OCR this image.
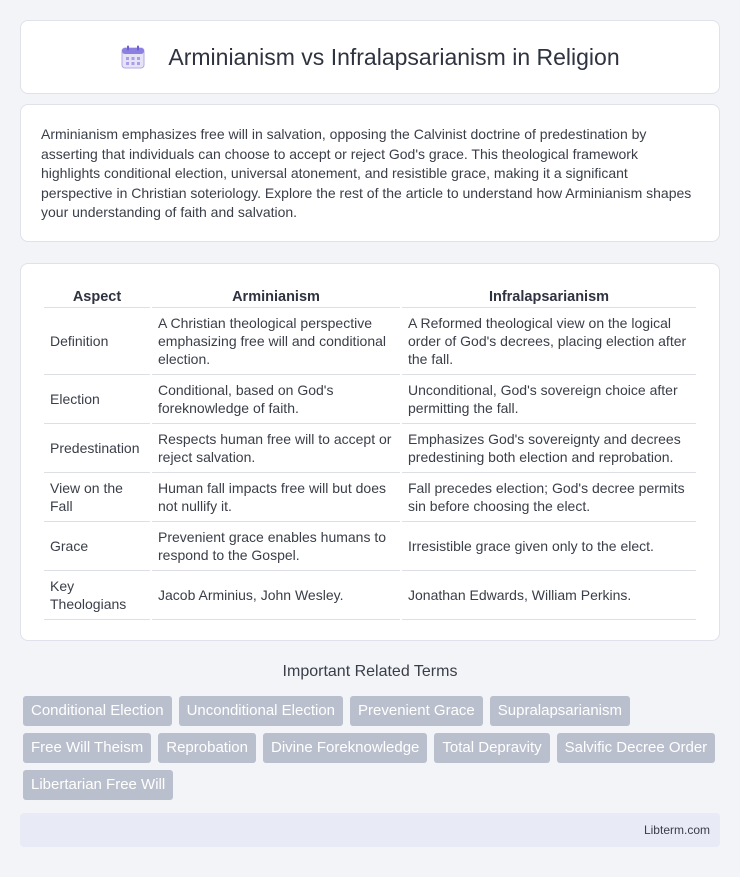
Arminianism vs Infralapsarianism in Religion

Arminianism emphasizes free will in salvation, opposing the Calvinist doctrine of predestination by asserting that individuals can choose to accept or reject God's grace. This theological framework highlights conditional election, universal atonement, and resistible grace, making it a significant perspective in Christian soteriology. Explore the rest of the article to understand how Arminianism shapes your understanding of faith and salvation.

Aspect	Arminianism	Infralapsarianism
Definition	A Christian theological perspective emphasizing free will and conditional election.	A Reformed theological view on the logical order of God's decrees, placing election after the fall.
Election	Conditional, based on God's foreknowledge of faith.	Unconditional, God's sovereign choice after permitting the fall.
Predestination	Respects human free will to accept or reject salvation.	Emphasizes God's sovereignty and decrees predestining both election and reprobation.
View on the Fall	Human fall impacts free will but does not nullify it.	Fall precedes election; God's decree permits sin before choosing the elect.
Grace	Prevenient grace enables humans to respond to the Gospel.	Irresistible grace given only to the elect.
Key Theologians	Jacob Arminius, John Wesley.	Jonathan Edwards, William Perkins.
Important Related Terms
Conditional Election	Unconditional Election	Prevenient Grace	Supralapsarianism
Free Will Theism	Reprobation	Divine Foreknowledge	Total Depravity	Salvific Decree Order
Libertarian Free Will
Libterm.com
